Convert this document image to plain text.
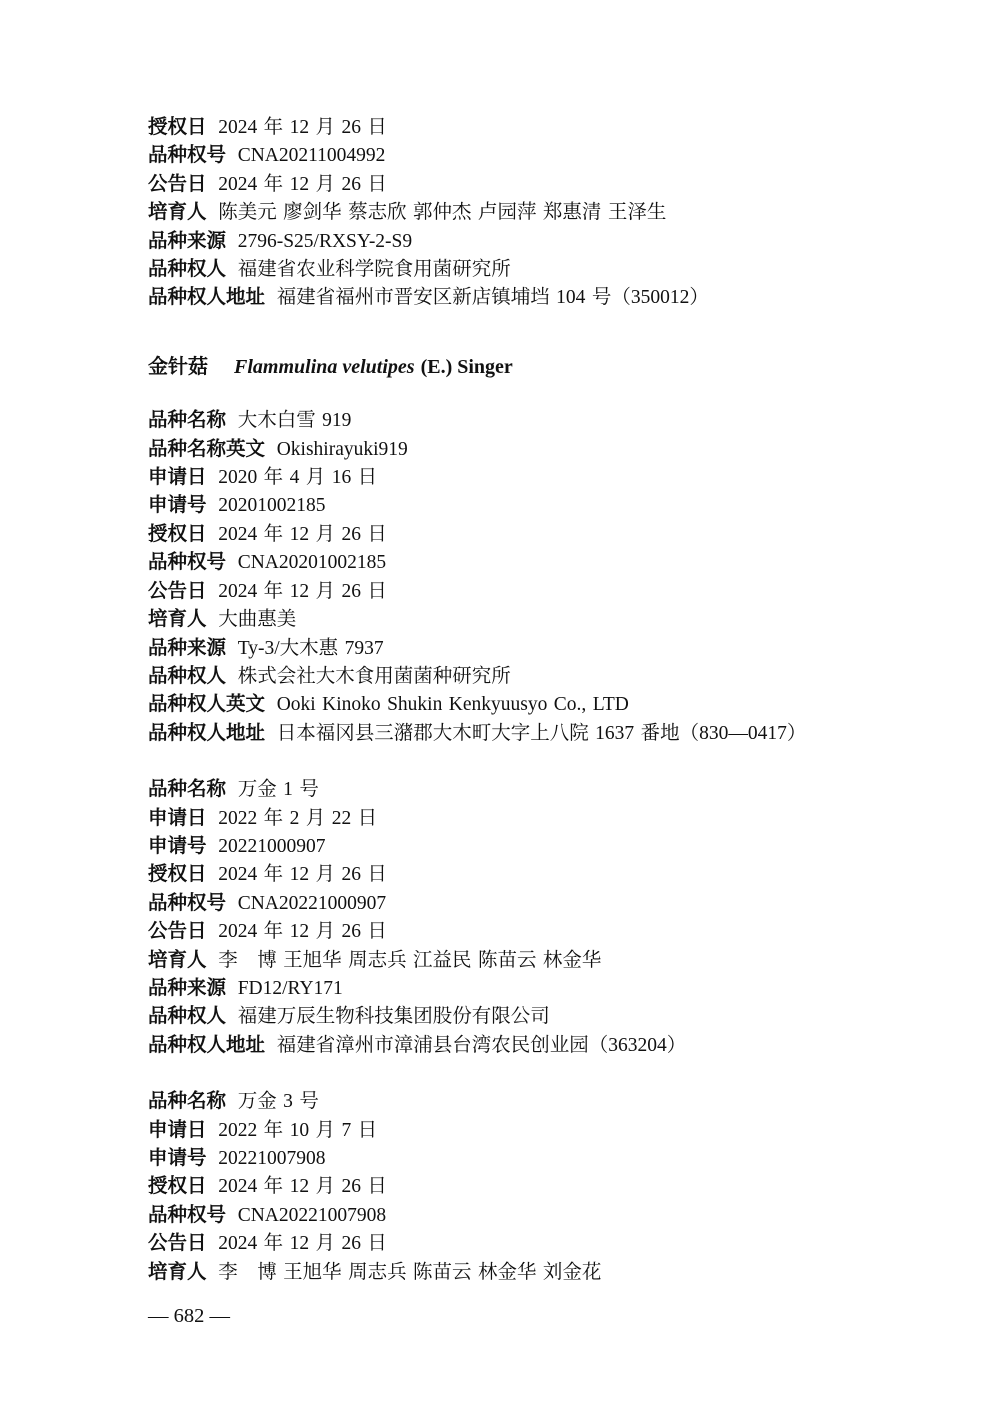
授权日 2024 年 12 月 26 日
品种权号 CNA20211004992
公告日 2024 年 12 月 26 日
培育人 陈美元 廖剑华 蔡志欣 郭仲杰 卢园萍 郑惠清 王泽生
品种来源 2796-S25/RXSY-2-S9
品种权人 福建省农业科学院食用菌研究所
品种权人地址 福建省福州市晋安区新店镇埔垱 104 号（350012）
金针菇 Flammulina velutipes (E.) Singer
品种名称 大木白雪 919
品种名称英文 Okishirayuki919
申请日 2020 年 4 月 16 日
申请号 20201002185
授权日 2024 年 12 月 26 日
品种权号 CNA20201002185
公告日 2024 年 12 月 26 日
培育人 大曲惠美
品种来源 Ty-3/大木惠 7937
品种权人 株式会社大木食用菌菌种研究所
品种权人英文 Ooki Kinoko Shukin Kenkyuusyo Co., LTD
品种权人地址 日本福冈县三潴郡大木町大字上八院 1637 番地（830—0417）
品种名称 万金 1 号
申请日 2022 年 2 月 22 日
申请号 20221000907
授权日 2024 年 12 月 26 日
品种权号 CNA20221000907
公告日 2024 年 12 月 26 日
培育人 李　博 王旭华 周志兵 江益民 陈苗云 林金华
品种来源 FD12/RY171
品种权人 福建万辰生物科技集团股份有限公司
品种权人地址 福建省漳州市漳浦县台湾农民创业园（363204）
品种名称 万金 3 号
申请日 2022 年 10 月 7 日
申请号 20221007908
授权日 2024 年 12 月 26 日
品种权号 CNA20221007908
公告日 2024 年 12 月 26 日
培育人 李　博 王旭华 周志兵 陈苗云 林金华 刘金花
— 682 —
